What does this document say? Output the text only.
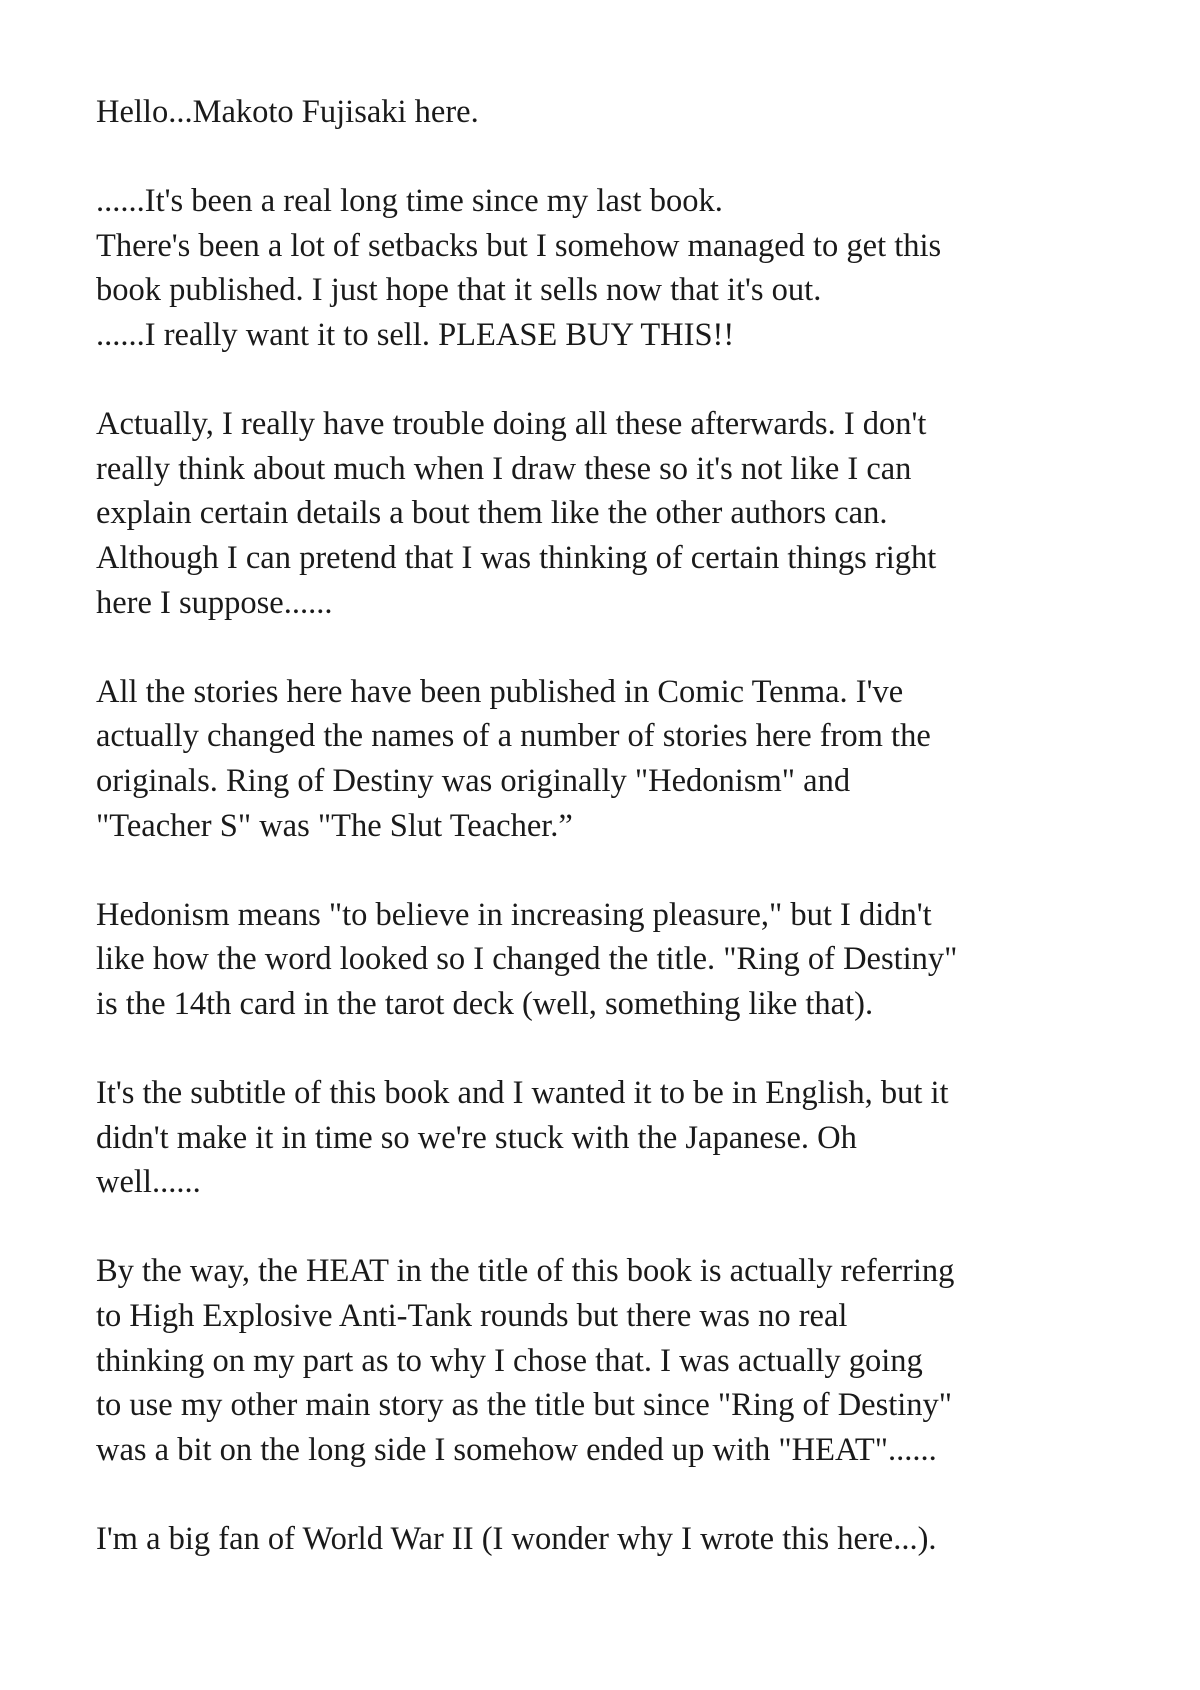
Hello...Makoto Fujisaki here.

......It's been a real long time since my last book.
There's been a lot of setbacks but I somehow managed to get this
book published. I just hope that it sells now that it's out.
......I really want it to sell. PLEASE BUY THIS!!

Actually, I really have trouble doing all these afterwards. I don't
really think about much when I draw these so it's not like I can
explain certain details a bout them like the other authors can.
Although I can pretend that I was thinking of certain things right
here I suppose......

All the stories here have been published in Comic Tenma. I've
actually changed the names of a number of stories here from the
originals. Ring of Destiny was originally "Hedonism" and
"Teacher S" was "The Slut Teacher.”

Hedonism means "to believe in increasing pleasure," but I didn't
like how the word looked so I changed the title. "Ring of Destiny"
is the 14th card in the tarot deck (well, something like that).

It's the subtitle of this book and I wanted it to be in English, but it
didn't make it in time so we're stuck with the Japanese. Oh
well......

By the way, the HEAT in the title of this book is actually referring
to High Explosive Anti-Tank rounds but there was no real
thinking on my part as to why I chose that. I was actually going
to use my other main story as the title but since "Ring of Destiny"
was a bit on the long side I somehow ended up with "HEAT"......

I'm a big fan of World War II (I wonder why I wrote this here...).
